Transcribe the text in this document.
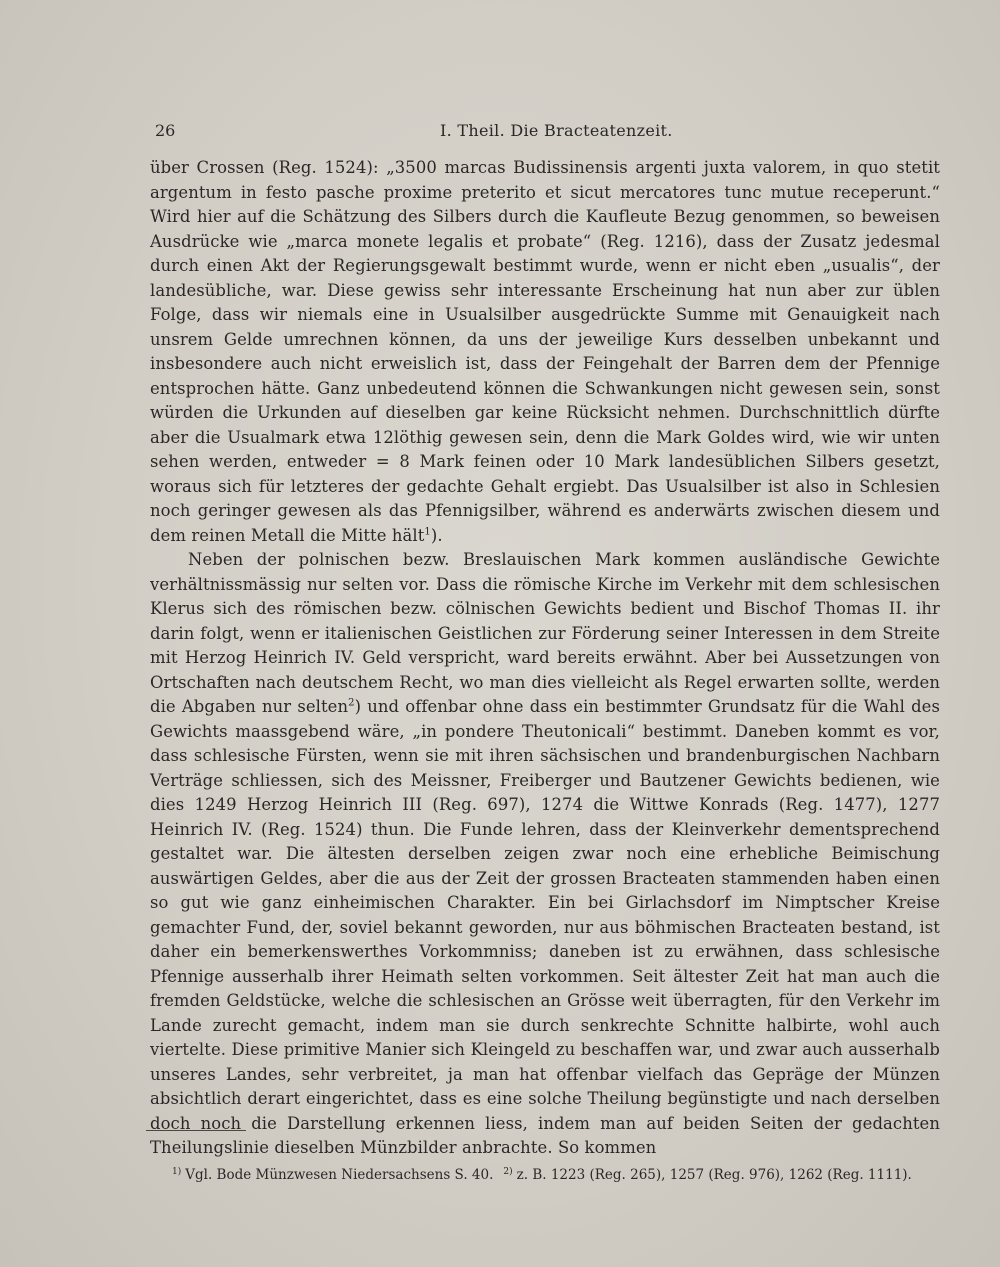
26	I. Theil. Die Bracteatenzeit.

über Crossen (Reg. 1524): „3500 marcas Budissinensis argenti juxta valorem, in quo stetit argentum in festo pasche proxime preterito et sicut mercatores tunc mutue receperunt.“ Wird hier auf die Schätzung des Silbers durch die Kaufleute Bezug genommen, so beweisen Ausdrücke wie „marca monete legalis et probate“ (Reg. 1216), dass der Zusatz jedesmal durch einen Akt der Regierungsgewalt bestimmt wurde, wenn er nicht eben „usualis“, der landesübliche, war. Diese gewiss sehr interessante Erscheinung hat nun aber zur üblen Folge, dass wir niemals eine in Usualsilber ausgedrückte Summe mit Genauigkeit nach unsrem Gelde umrechnen können, da uns der jeweilige Kurs desselben unbekannt und insbesondere auch nicht erweislich ist, dass der Feingehalt der Barren dem der Pfennige entsprochen hätte. Ganz unbedeutend können die Schwankungen nicht gewesen sein, sonst würden die Urkunden auf dieselben gar keine Rücksicht nehmen. Durchschnittlich dürfte aber die Usualmark etwa 12löthig gewesen sein, denn die Mark Goldes wird, wie wir unten sehen werden, entweder = 8 Mark feinen oder 10 Mark landesüblichen Silbers gesetzt, woraus sich für letzteres der gedachte Gehalt ergiebt. Das Usualsilber ist also in Schlesien noch geringer gewesen als das Pfennigsilber, während es anderwärts zwischen diesem und dem reinen Metall die Mitte hält$^1$).

Neben der polnischen bezw. Breslauischen Mark kommen ausländische Gewichte verhältnissmässig nur selten vor. Dass die römische Kirche im Verkehr mit dem schlesischen Klerus sich des römischen bezw. cölnischen Gewichts bedient und Bischof Thomas II. ihr darin folgt, wenn er italienischen Geistlichen zur Förderung seiner Interessen in dem Streite mit Herzog Heinrich IV. Geld verspricht, ward bereits erwähnt. Aber bei Aussetzungen von Ortschaften nach deutschem Recht, wo man dies vielleicht als Regel erwarten sollte, werden die Abgaben nur selten$^2$) und offenbar ohne dass ein bestimmter Grundsatz für die Wahl des Gewichts maassgebend wäre, „in pondere Theutonicali“ bestimmt. Daneben kommt es vor, dass schlesische Fürsten, wenn sie mit ihren sächsischen und brandenburgischen Nachbarn Verträge schliessen, sich des Meissner, Freiberger und Bautzener Gewichts bedienen, wie dies 1249 Herzog Heinrich III (Reg. 697), 1274 die Wittwe Konrads (Reg. 1477), 1277 Heinrich IV. (Reg. 1524) thun. Die Funde lehren, dass der Kleinverkehr dementsprechend gestaltet war. Die ältesten derselben zeigen zwar noch eine erhebliche Beimischung auswärtigen Geldes, aber die aus der Zeit der grossen Bracteaten stammenden haben einen so gut wie ganz einheimischen Charakter. Ein bei Girlachsdorf im Nimptscher Kreise gemachter Fund, der, soviel bekannt geworden, nur aus böhmischen Bracteaten bestand, ist daher ein bemerkenswerthes Vorkommniss; daneben ist zu erwähnen, dass schlesische Pfennige ausserhalb ihrer Heimath selten vorkommen. Seit ältester Zeit hat man auch die fremden Geldstücke, welche die schlesischen an Grösse weit überragten, für den Verkehr im Lande zurecht gemacht, indem man sie durch senkrechte Schnitte halbirte, wohl auch viertelte. Diese primitive Manier sich Kleingeld zu beschaffen war, und zwar auch ausserhalb unseres Landes, sehr verbreitet, ja man hat offenbar vielfach das Gepräge der Münzen absichtlich derart eingerichtet, dass es eine solche Theilung begünstigte und nach derselben doch noch die Darstellung erkennen liess, indem man auf beiden Seiten der gedachten Theilungslinie dieselben Münzbilder anbrachte. So kommen

$^{1)}$ Vgl. Bode Münzwesen Niedersachsens S. 40. $^{2)}$ z. B. 1223 (Reg. 265), 1257 (Reg. 976), 1262 (Reg. 1111).
